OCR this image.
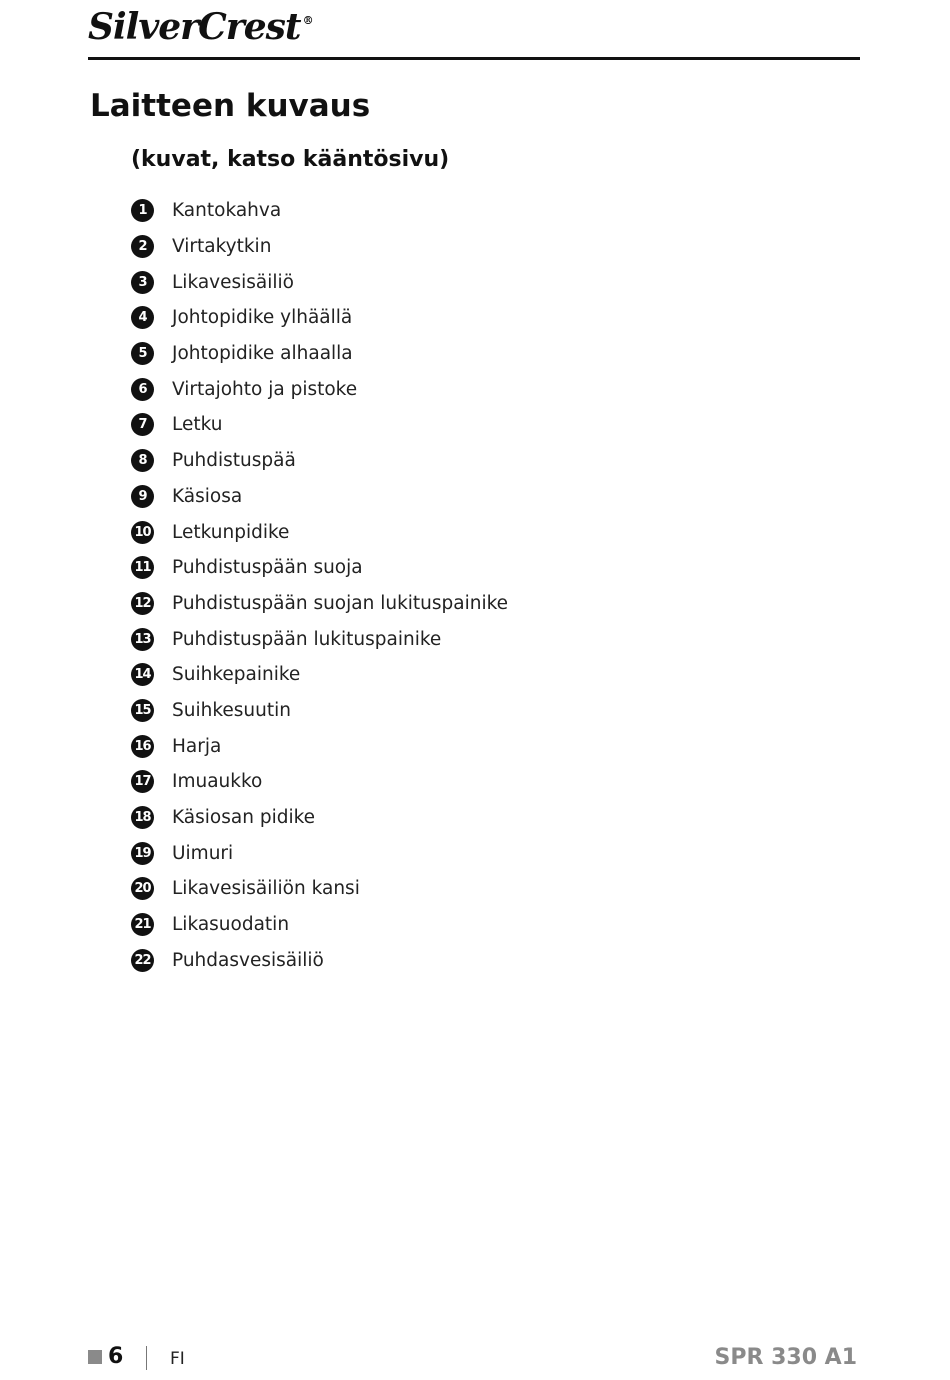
SilverCrest ®
Laitteen kuvaus
(kuvat, katso kääntösivu)
1	Kantokahva
2	Virtakytkin
3	Likavesisäiliö
4	Johtopidike ylhäällä
5	Johtopidike alhaalla
6	Virtajohto ja pistoke
7	Letku
8	Puhdistuspää
9	Käsiosa
10 Letkunpidike
11 Puhdistuspään suoja
12 Puhdistuspään suojan lukituspainike
13 Puhdistuspään lukituspainike
14 Suihkepainike
15 Suihkesuutin
16 Harja
17 Imuaukko
18 Käsiosan pidike
19 Uimuri
20 Likavesisäiliön kansi
21 Likasuodatin
22 Puhdasvesisäiliö
6	FI	SPR 330 A1
